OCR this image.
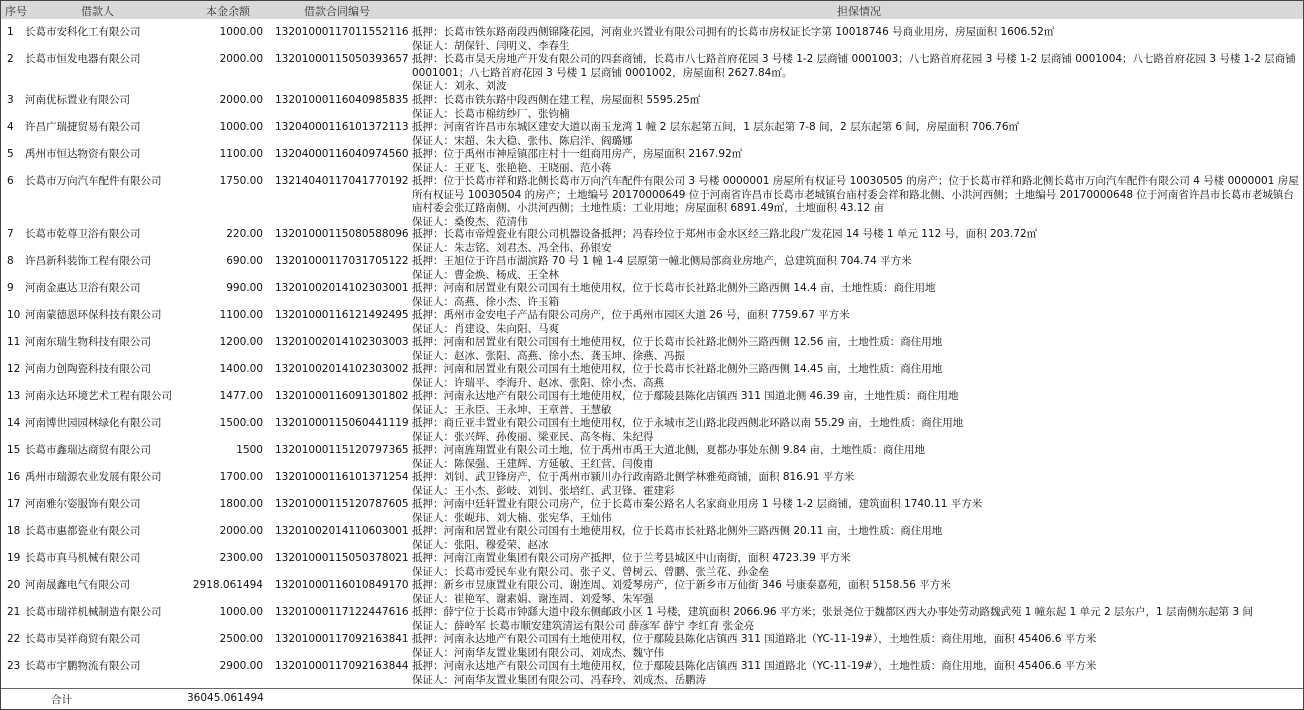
序号	借款人	本金余额	借款合同编号	担保情况
1	长葛市安科化工有限公司	1000.00 13201000117011552116 抵押：长葛市铁东路南段西侧锦隆花园，河南业兴置业有限公司拥有的长葛市房权证长字第 10018746 号商业用房，房屋面积 1606.52㎡
保证人：胡保针、闫明义、李春生
2	长葛市恒发电器有限公司	2000.00 13201000115050393657 抵押：长葛市昊天房地产开发有限公司的四套商铺，长葛市八七路首府花园 3 号楼 1-2 层商铺 0001003；八七路首府花园 3 号楼 1-2 层商铺 0001004；八七路首府花园 3 号楼 1-2 层商铺 0001001；八七路首府花园 3 号楼 1 层商铺 0001002，房屋面积 2627.84㎡。
保证人：刘永、刘波
3	河南优标置业有限公司	2000.00 13201000116040985835 抵押：长葛市铁东路中段西侧在建工程，房屋面积 5595.25㎡
保证人：长葛市棉纺纱厂、张钧楠
4	许昌广瑞捷贸易有限公司	1000.00 13204000116101372113 抵押：河南省许昌市东城区建安大道以南玉龙湾 1 幢 2 层东起第五间，1 层东起第 7-8 间，2 层东起第 6 间，房屋面积 706.76㎡
保证人：宋超、朱大稳、张伟、陈启洋、阎璐娜
5	禹州市恒达物资有限公司	1100.00 13204000116040974560 抵押：位于禹州市神垕镇邵庄村十一组商用房产，房屋面积 2167.92㎡
保证人：王亚飞、张艳艳、王晓丽、范小蒋
6	长葛市万向汽车配件有限公司	1750.00 13214040117041770192 抵押：位于长葛市祥和路北侧长葛市万向汽车配件有限公司 3 号楼 0000001 房屋所有权证号 10030505 的房产；位于长葛市祥和路北侧长葛市万向汽车配件有限公司 4 号楼 0000001 房屋所有权证号 10030504 的房产；土地编号 20170000649 位于河南省许昌市长葛市老城镇台庙村委会祥和路北侧、小洪河西侧；土地编号 20170000648 位于河南省许昌市长葛市老城镇台庙村委会张辽路南侧、小洪河西侧；土地性质：工业用地；房屋面积 6891.49㎡，土地面积 43.12 亩
保证人：桑俊杰、范清伟
7	长葛市乾尊卫浴有限公司	220.00 13201000115080588096 抵押：长葛市帝煌瓷业有限公司机器设备抵押；冯春玲位于郑州市金水区经三路北段广发花园 14 号楼 1 单元 112 号，面积 203.72㎡
保证人：朱志铭、刘君杰、冯全伟、孙银安
8	许昌新科装饰工程有限公司	690.00 13201000117031705122 抵押：王旭位于许昌市湖滨路 70 号 1 幢 1-4 层原第一幢北侧局部商业房地产，总建筑面积 704.74 平方米
保证人：曹金焕、杨成、王全林
9	河南金惠达卫浴有限公司	990.00 13201002014102303001 抵押：河南和居置业有限公司国有土地使用权，位于长葛市长社路北侧外三路西侧 14.4 亩，土地性质：商住用地
保证人：高燕、徐小杰、许玉箱
10 河南蒙德恩环保科技有限公司	1100.00 13201000116121492495 抵押：禹州市金安电子产品有限公司房产，位于禹州市园区大道 26 号，面积 7759.67 平方米
保证人：肖建设、朱向阳、马爽
11 河南东瑞生物科技有限公司	1200.00 13201002014102303003 抵押：河南和居置业有限公司国有土地使用权，位于长葛市长社路北侧外三路西侧 12.56 亩，土地性质：商住用地
保证人：赵冰、张阳、高燕、徐小杰、龚玉坤、徐燕、冯振
12 河南力创陶瓷科技有限公司	1400.00 13201002014102303002 抵押：河南和居置业有限公司国有土地使用权，位于长葛市长社路北侧外三路西侧 14.45 亩，土地性质：商住用地
保证人：许瑞平、李海升、赵冰、张阳、徐小杰、高燕
13 河南永达环境艺术工程有限公司	1477.00 13201000116091301802 抵押：河南永达地产有限公司国有土地使用权，位于鄢陵县陈化店镇西 311 国道北侧 46.39 亩，土地性质：商住用地
保证人：王永臣、王永坤、王章普、王慧敏
14 河南博世园园林绿化有限公司	1500.00 13201000115060441119 抵押：商丘亚丰置业有限公司国有土地使用权，位于永城市芝山路北段西侧北环路以南 55.29 亩，土地性质：商住用地
保证人：张兴辉、孙俊丽、梁亚民、高冬梅、朱纪得
15 长葛市鑫瑞达商贸有限公司	1500 13201000115120797365 抵押：河南旌翔置业有限公司土地，位于禹州市禹王大道北侧，夏都办事处东侧 9.84 亩，土地性质：商住用地
保证人：陈保强、王建辉、方延敏、王红营、闫俊甫
16 禹州市瑞源农业发展有限公司	1700.00 13201000116101371254 抵押：刘钊、武卫锋房产，位于禹州市颍川办行政南路北侧学林雅苑商铺，面积 816.91 平方米
保证人：王小杰、彭岐、刘钊、张培红、武卫锋、霍建彩
17 河南雅尔姿服饰有限公司	1800.00 13201000115120787605 抵押：河南中廷轩置业有限公司房产，位于长葛市秦公路名人名家商业用房 1 号楼 1-2 层商铺，建筑面积 1740.11 平方米
保证人：张岘玮、刘大楠、张宪华、王灿伟
18 长葛市惠都瓷业有限公司	2000.00 13201002014110603001 抵押：河南和居置业有限公司国有土地使用权，位于长葛市长社路北侧外三路西侧 20.11 亩，土地性质：商住用地
保证人：张阳、穆爱荣、赵冰
19 长葛市真马机械有限公司	2300.00 13201000115050378021 抵押：河南江南置业集团有限公司房产抵押，位于兰考县城区中山南街，面积 4723.39 平方米
保证人：长葛市爱民车业有限公司、张子义、曾树云、曾鹏、张兰花、孙金垒
20 河南晟鑫电气有限公司	2918.061494 13201000116010849170 抵押：新乡市昱康置业有限公司、谢连周、刘爱琴房产，位于新乡市万仙街 346 号康泰嘉苑，面积 5158.56 平方米
保证人：崔艳军、谢素娟、谢连周、刘爱琴、朱军强
21 长葛市瑞祥机械制造有限公司	1000.00 13201000117122447616 抵押：薛宁位于长葛市钟繇大道中段东侧邮政小区 1 号楼，建筑面积 2066.96 平方米；张景尧位于魏都区西大办事处劳动路魏武苑 1 幢东起 1 单元 2 层东户，1 层南侧东起第 3 间
保证人：薛岭军 长葛市顺安建筑清运有限公司 薛彦军 薛宁 李红育 张金亮
22 长葛市昊祥商贸有限公司	2500.00 13201000117092163841 抵押：河南永达地产有限公司国有土地使用权，位于鄢陵县陈化店镇西 311 国道路北（YC-11-19#），土地性质：商住用地，面积 45406.6 平方米
保证人：河南华友置业集团有限公司、刘成杰、魏守伟
23 长葛市宇鹏物流有限公司	2900.00 13201000117092163844 抵押：河南永达地产有限公司国有土地使用权，位于鄢陵县陈化店镇西 311 国道路北（YC-11-19#），土地性质：商住用地，面积 45406.6 平方米
保证人：河南华友置业集团有限公司、冯春玲、刘成杰、岳鹏涛
合计	36045.061494
